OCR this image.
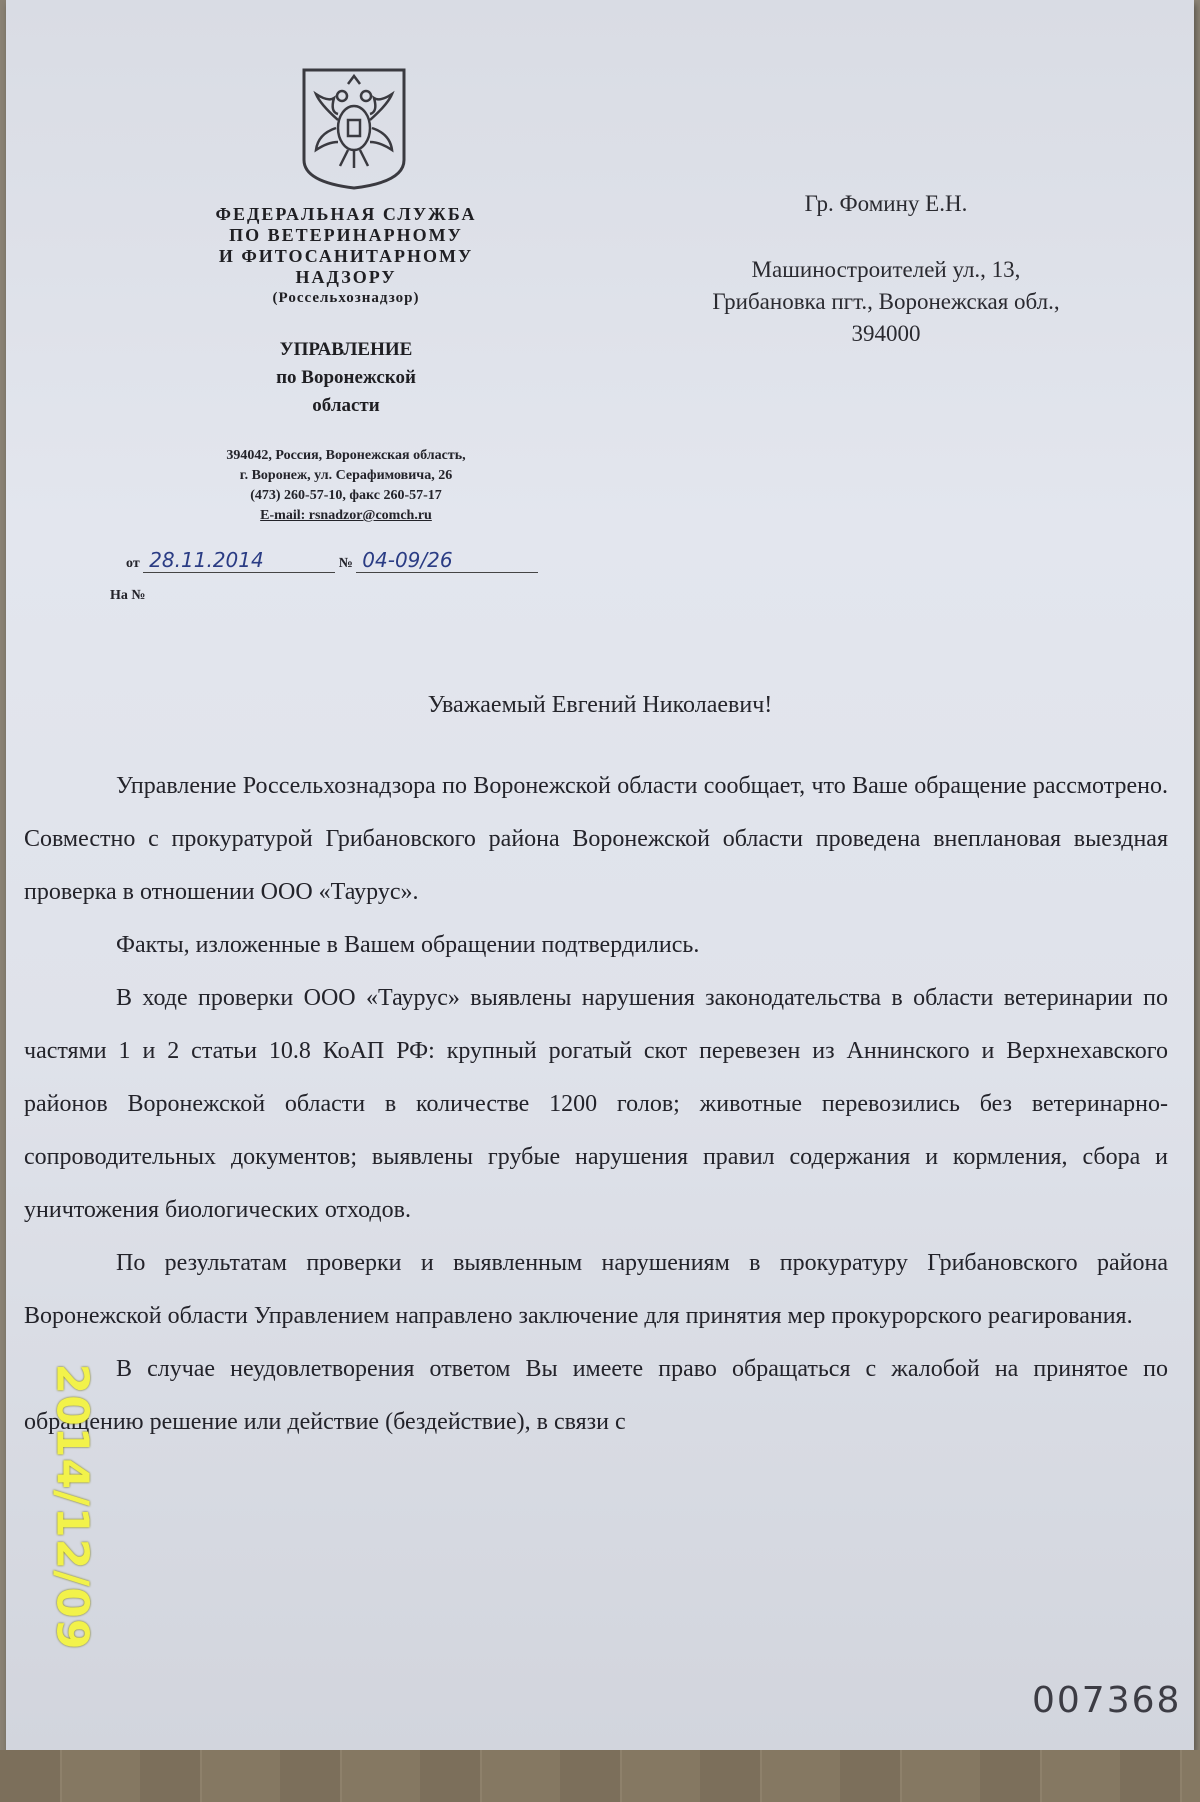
ФЕДЕРАЛЬНАЯ СЛУЖБА
ПО ВЕТЕРИНАРНОМУ
И ФИТОСАНИТАРНОМУ
НАДЗОРУ
(Россельхознадзор)
УПРАВЛЕНИЕ
по Воронежской
области
394042, Россия, Воронежская область,
г. Воронеж, ул. Серафимовича, 26
(473) 260-57-10, факс 260-57-17
E-mail: rsnadzor@comch.ru
от 28.11.2014	№ 04-09/26
На №
Гр. Фомину Е.Н.
Машиностроителей ул., 13,
Грибановка пгт., Воронежская обл.,
394000
Уважаемый Евгений Николаевич!

Управление Россельхознадзора по Воронежской области сообщает, что Ваше обращение рассмотрено. Совместно с прокуратурой Грибановского района Воронежской области проведена внеплановая выездная проверка в отношении ООО «Таурус».

Факты, изложенные в Вашем обращении подтвердились.

В ходе проверки ООО «Таурус» выявлены нарушения законодательства в области ветеринарии по частями 1 и 2 статьи 10.8 КоАП РФ: крупный рогатый скот перевезен из Аннинского и Верхнехавского районов Воронежской области в количестве 1200 голов; животные перевозились без ветеринарно-сопроводительных документов; выявлены грубые нарушения правил содержания и кормления, сбора и уничтожения биологических отходов.

По результатам проверки и выявленным нарушениям в прокуратуру Грибановского района Воронежской области Управлением направлено заключение для принятия мер прокурорского реагирования.

В случае неудовлетворения ответом Вы имеете право обращаться с жалобой на принятое по обращению решение или действие (бездействие), в связи с

007368
2014/12/09
